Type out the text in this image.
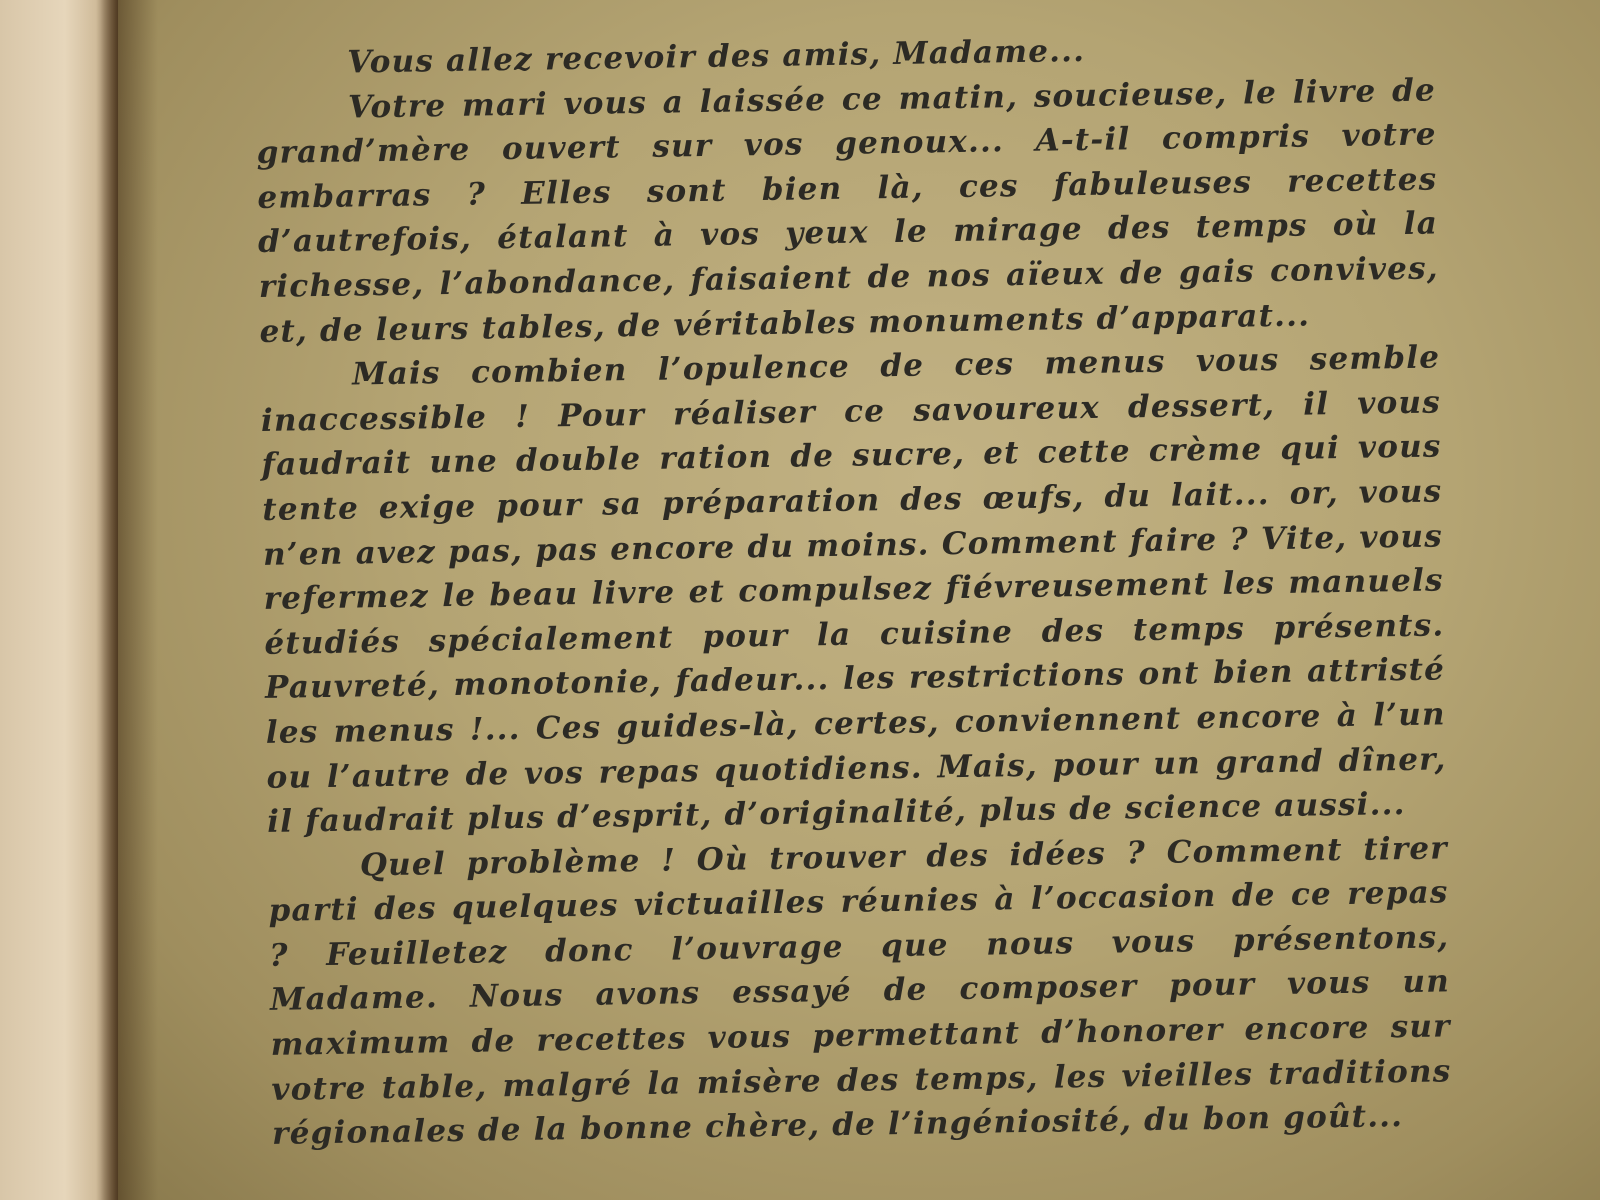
Vous allez recevoir des amis, Madame...

Votre mari vous a laissée ce matin, soucieuse, le livre de grand’mère ouvert sur vos genoux... A-t-il compris votre embarras ? Elles sont bien là, ces fabuleuses recettes d’autrefois, étalant à vos yeux le mirage des temps où la richesse, l’abondance, faisaient de nos aïeux de gais convives, et, de leurs tables, de véritables monuments d’apparat...

Mais combien l’opulence de ces menus vous semble inaccessible ! Pour réaliser ce savoureux dessert, il vous faudrait une double ration de sucre, et cette crème qui vous tente exige pour sa préparation des œufs, du lait... or, vous n’en avez pas, pas encore du moins. Comment faire ? Vite, vous refermez le beau livre et compulsez fiévreusement les manuels étudiés spécialement pour la cuisine des temps présents. Pauvreté, monotonie, fadeur... les restrictions ont bien attristé les menus !... Ces guides-là, certes, conviennent encore à l’un ou l’autre de vos repas quotidiens. Mais, pour un grand dîner, il faudrait plus d’esprit, d’originalité, plus de science aussi...

Quel problème ! Où trouver des idées ? Comment tirer parti des quelques victuailles réunies à l’occasion de ce repas ? Feuilletez donc l’ouvrage que nous vous présentons, Madame. Nous avons essayé de composer pour vous un maximum de recettes vous permettant d’honorer encore sur votre table, malgré la misère des temps, les vieilles traditions régionales de la bonne chère, de l’ingéniosité, du bon goût...
